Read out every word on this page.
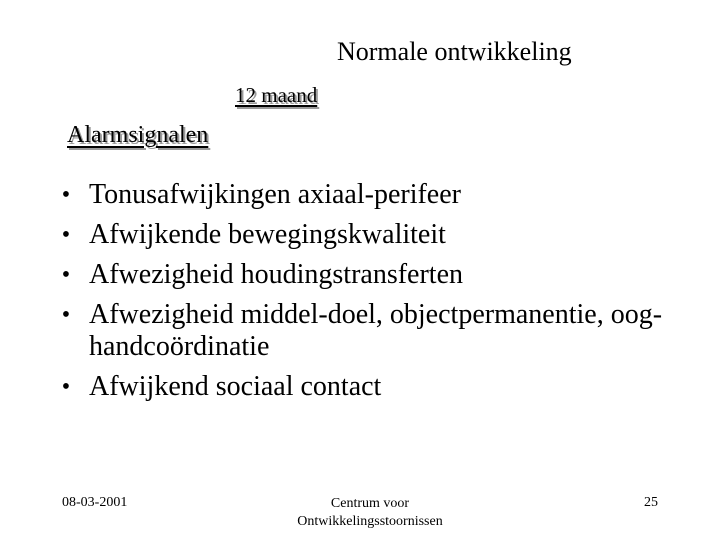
Normale ontwikkeling
12 maand
Alarmsignalen
• Tonusafwijkingen axiaal-perifeer
• Afwijkende bewegingskwaliteit
• Afwezigheid houdingstransferten
• Afwezigheid middel-doel, objectpermanentie, oog-handcoördinatie
• Afwijkend sociaal contact
08-03-2001	Centrum voor
Ontwikkelingsstoornissen
25
